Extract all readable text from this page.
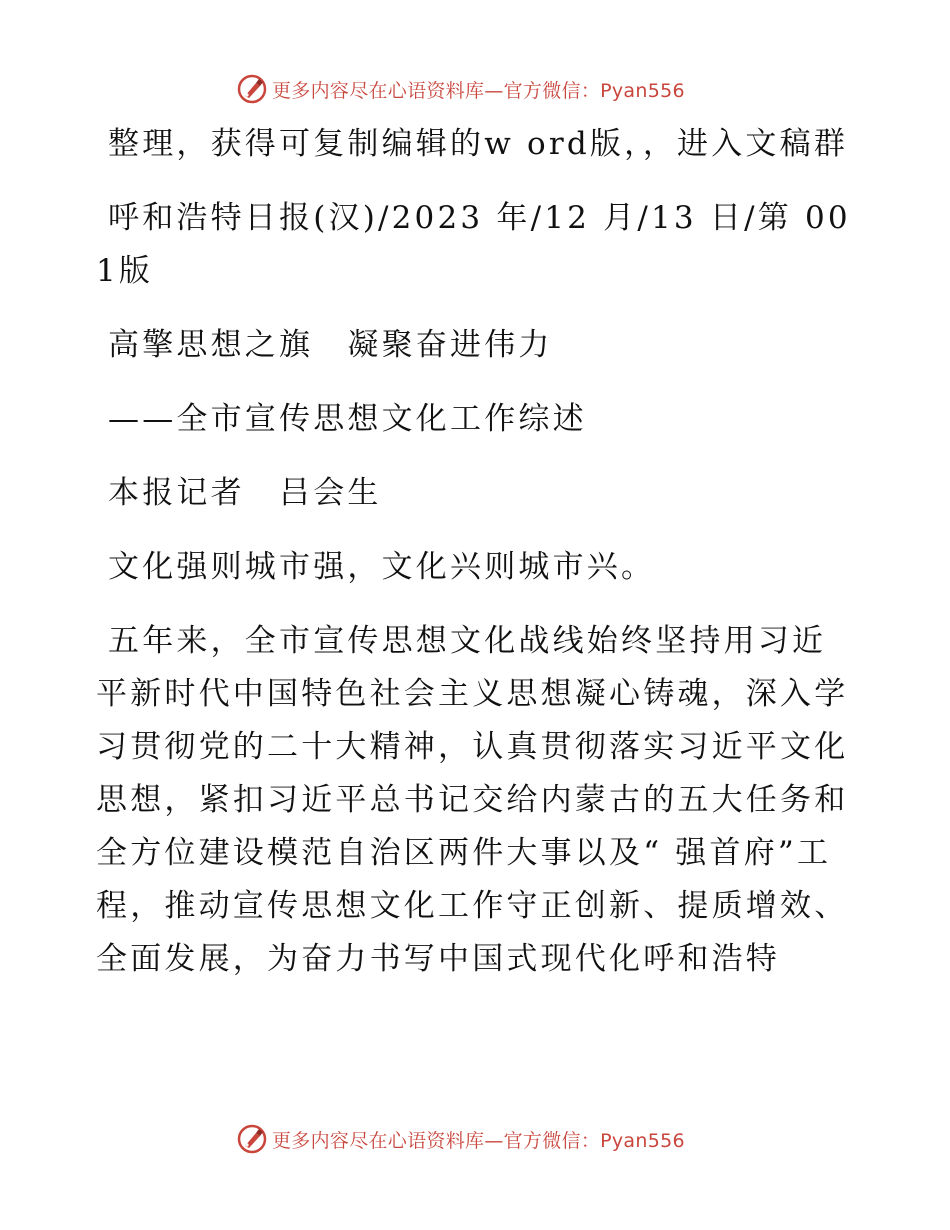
更多内容尽在心语资料库—官方微信：Pyan556

整理，获得可复制编辑的w ord版，，进入文稿群

呼和浩特日报(汉)/2023 年/12 月/13 日/第 001版

高擎思想之旗　凝聚奋进伟力

——全市宣传思想文化工作综述

本报记者　吕会生

文化强则城市强，文化兴则城市兴。

五年来，全市宣传思想文化战线始终坚持用习近平新时代中国特色社会主义思想凝心铸魂，深入学习贯彻党的二十大精神，认真贯彻落实习近平文化思想，紧扣习近平总书记交给内蒙古的五大任务和全方位建设模范自治区两件大事以及“ 强首府”工程，推动宣传思想文化工作守正创新、提质增效、全面发展，为奋力书写中国式现代化呼和浩特

更多内容尽在心语资料库—官方微信：Pyan556
